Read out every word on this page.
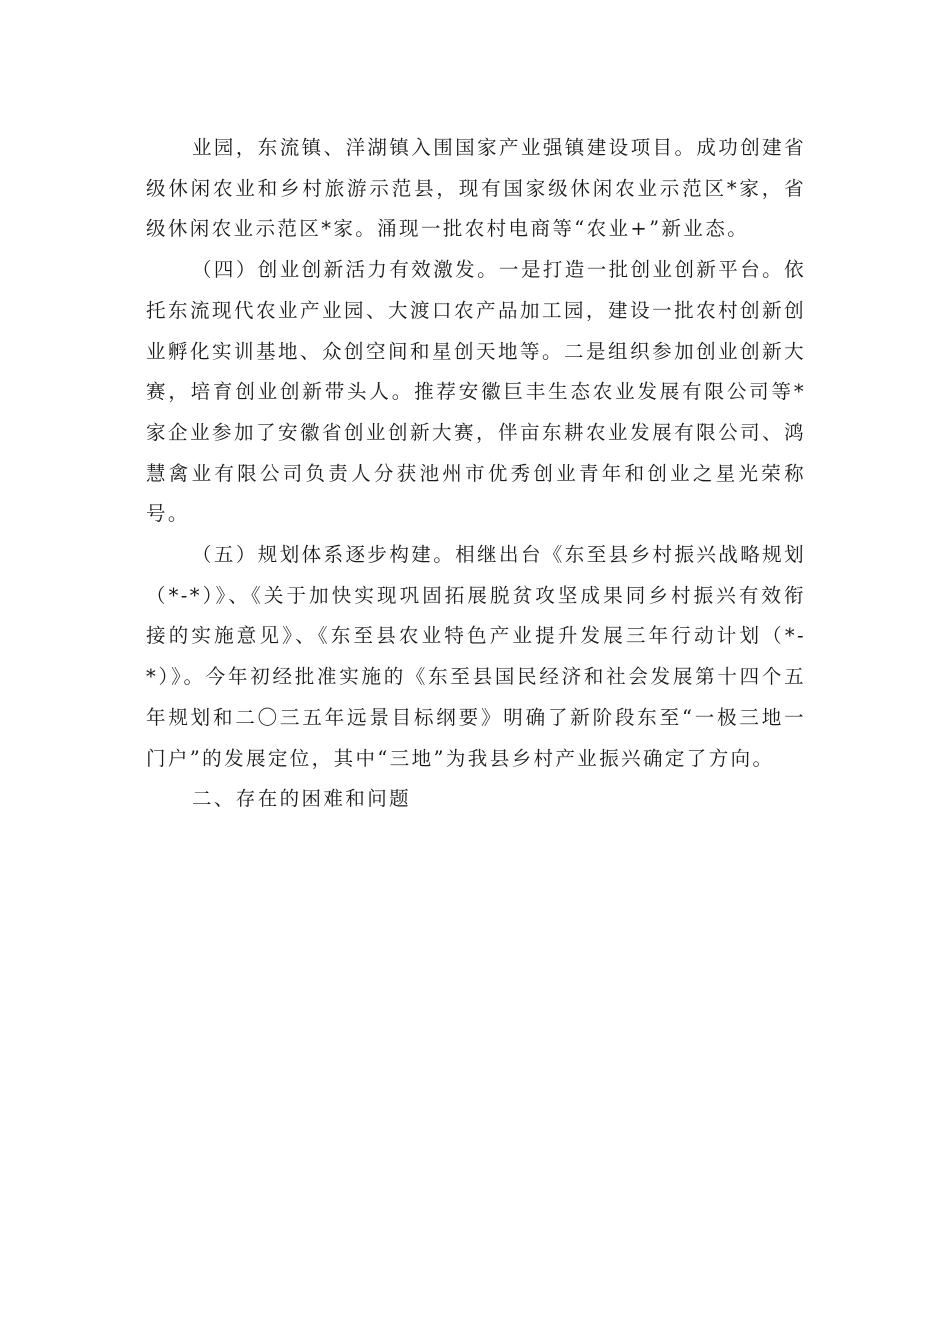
业园，东流镇、洋湖镇入围国家产业强镇建设项目。成功创建省级休闲农业和乡村旅游示范县，现有国家级休闲农业示范区*家，省级休闲农业示范区*家。涌现一批农村电商等“农业+”新业态。

（四）创业创新活力有效激发。一是打造一批创业创新平台。依托东流现代农业产业园、大渡口农产品加工园，建设一批农村创新创业孵化实训基地、众创空间和星创天地等。二是组织参加创业创新大赛，培育创业创新带头人。推荐安徽巨丰生态农业发展有限公司等*家企业参加了安徽省创业创新大赛，伴亩东耕农业发展有限公司、鸿慧禽业有限公司负责人分获池州市优秀创业青年和创业之星光荣称号。

（五）规划体系逐步构建。相继出台《东至县乡村振兴战略规划（*-*）》、《关于加快实现巩固拓展脱贫攻坚成果同乡村振兴有效衔接的实施意见》、《东至县农业特色产业提升发展三年行动计划（*-*）》。今年初经批准实施的《东至县国民经济和社会发展第十四个五年规划和二〇三五年远景目标纲要》明确了新阶段东至“一极三地一门户”的发展定位，其中“三地”为我县乡村产业振兴确定了方向。

二、存在的困难和问题
